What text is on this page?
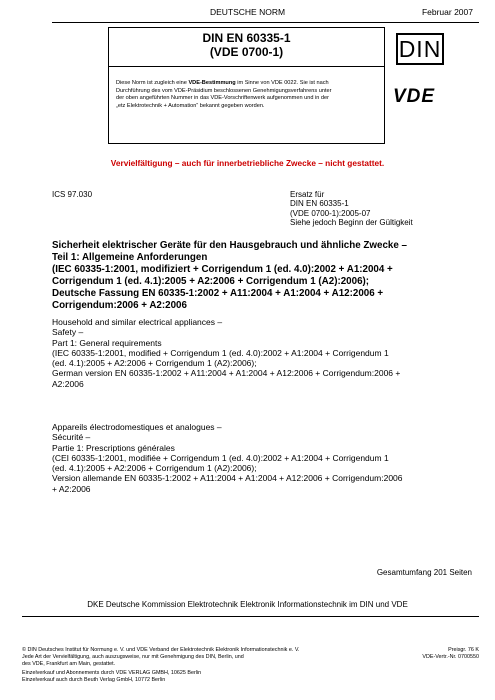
DEUTSCHE NORM	Februar 2007
DIN EN 60335-1
(VDE 0700-1)
Diese Norm ist zugleich eine VDE-Bestimmung im Sinne von VDE 0022. Sie ist nach
Durchführung des vom VDE-Präsidium beschlossenen Genehmigungsverfahrens unter
der oben angeführten Nummer in das VDE-Vorschriftenwerk aufgenommen und in der
„etz Elektrotechnik + Automation“ bekannt gegeben worden.
DIN
VDE
Vervielfältigung – auch für innerbetriebliche Zwecke – nicht gestattet.
ICS 97.030	Ersatz für
DIN EN 60335-1
(VDE 0700-1):2005-07
Siehe jedoch Beginn der Gültigkeit
Sicherheit elektrischer Geräte für den Hausgebrauch und ähnliche Zwecke –
Teil 1: Allgemeine Anforderungen
(IEC 60335-1:2001, modifiziert + Corrigendum 1 (ed. 4.0):2002 + A1:2004 +
Corrigendum 1 (ed. 4.1):2005 + A2:2006 + Corrigendum 1 (A2):2006);
Deutsche Fassung EN 60335-1:2002 + A11:2004 + A1:2004 + A12:2006 +
Corrigendum:2006 + A2:2006
Household and similar electrical appliances –
Safety –
Part 1: General requirements
(IEC 60335-1:2001, modified + Corrigendum 1 (ed. 4.0):2002 + A1:2004 + Corrigendum 1
(ed. 4.1):2005 + A2:2006 + Corrigendum 1 (A2):2006);
German version EN 60335-1:2002 + A11:2004 + A1:2004 + A12:2006 + Corrigendum:2006 +
A2:2006
Appareils électrodomestiques et analogues –
Sécurité –
Partie 1: Prescriptions générales
(CEI 60335-1:2001, modifiée + Corrigendum 1 (ed. 4.0):2002 + A1:2004 + Corrigendum 1
(ed. 4.1):2005 + A2:2006 + Corrigendum 1 (A2):2006);
Version allemande EN 60335-1:2002 + A11:2004 + A1:2004 + A12:2006 + Corrigendum:2006
+ A2:2006
Gesamtumfang 201 Seiten
DKE Deutsche Kommission Elektrotechnik Elektronik Informationstechnik im DIN und VDE
© DIN Deutsches Institut für Normung e. V. und VDE Verband der Elektrotechnik Elektronik Informationstechnik e. V.
Jede Art der Vervielfältigung, auch auszugsweise, nur mit Genehmigung des DIN, Berlin, und
des VDE, Frankfurt am Main, gestattet.
Preisgr. 76 K
VDE-Vertr.-Nr. 0700550
Einzelverkauf und Abonnements durch VDE VERLAG GMBH, 10625 Berlin
Einzelverkauf auch durch Beuth Verlag GmbH, 10772 Berlin
